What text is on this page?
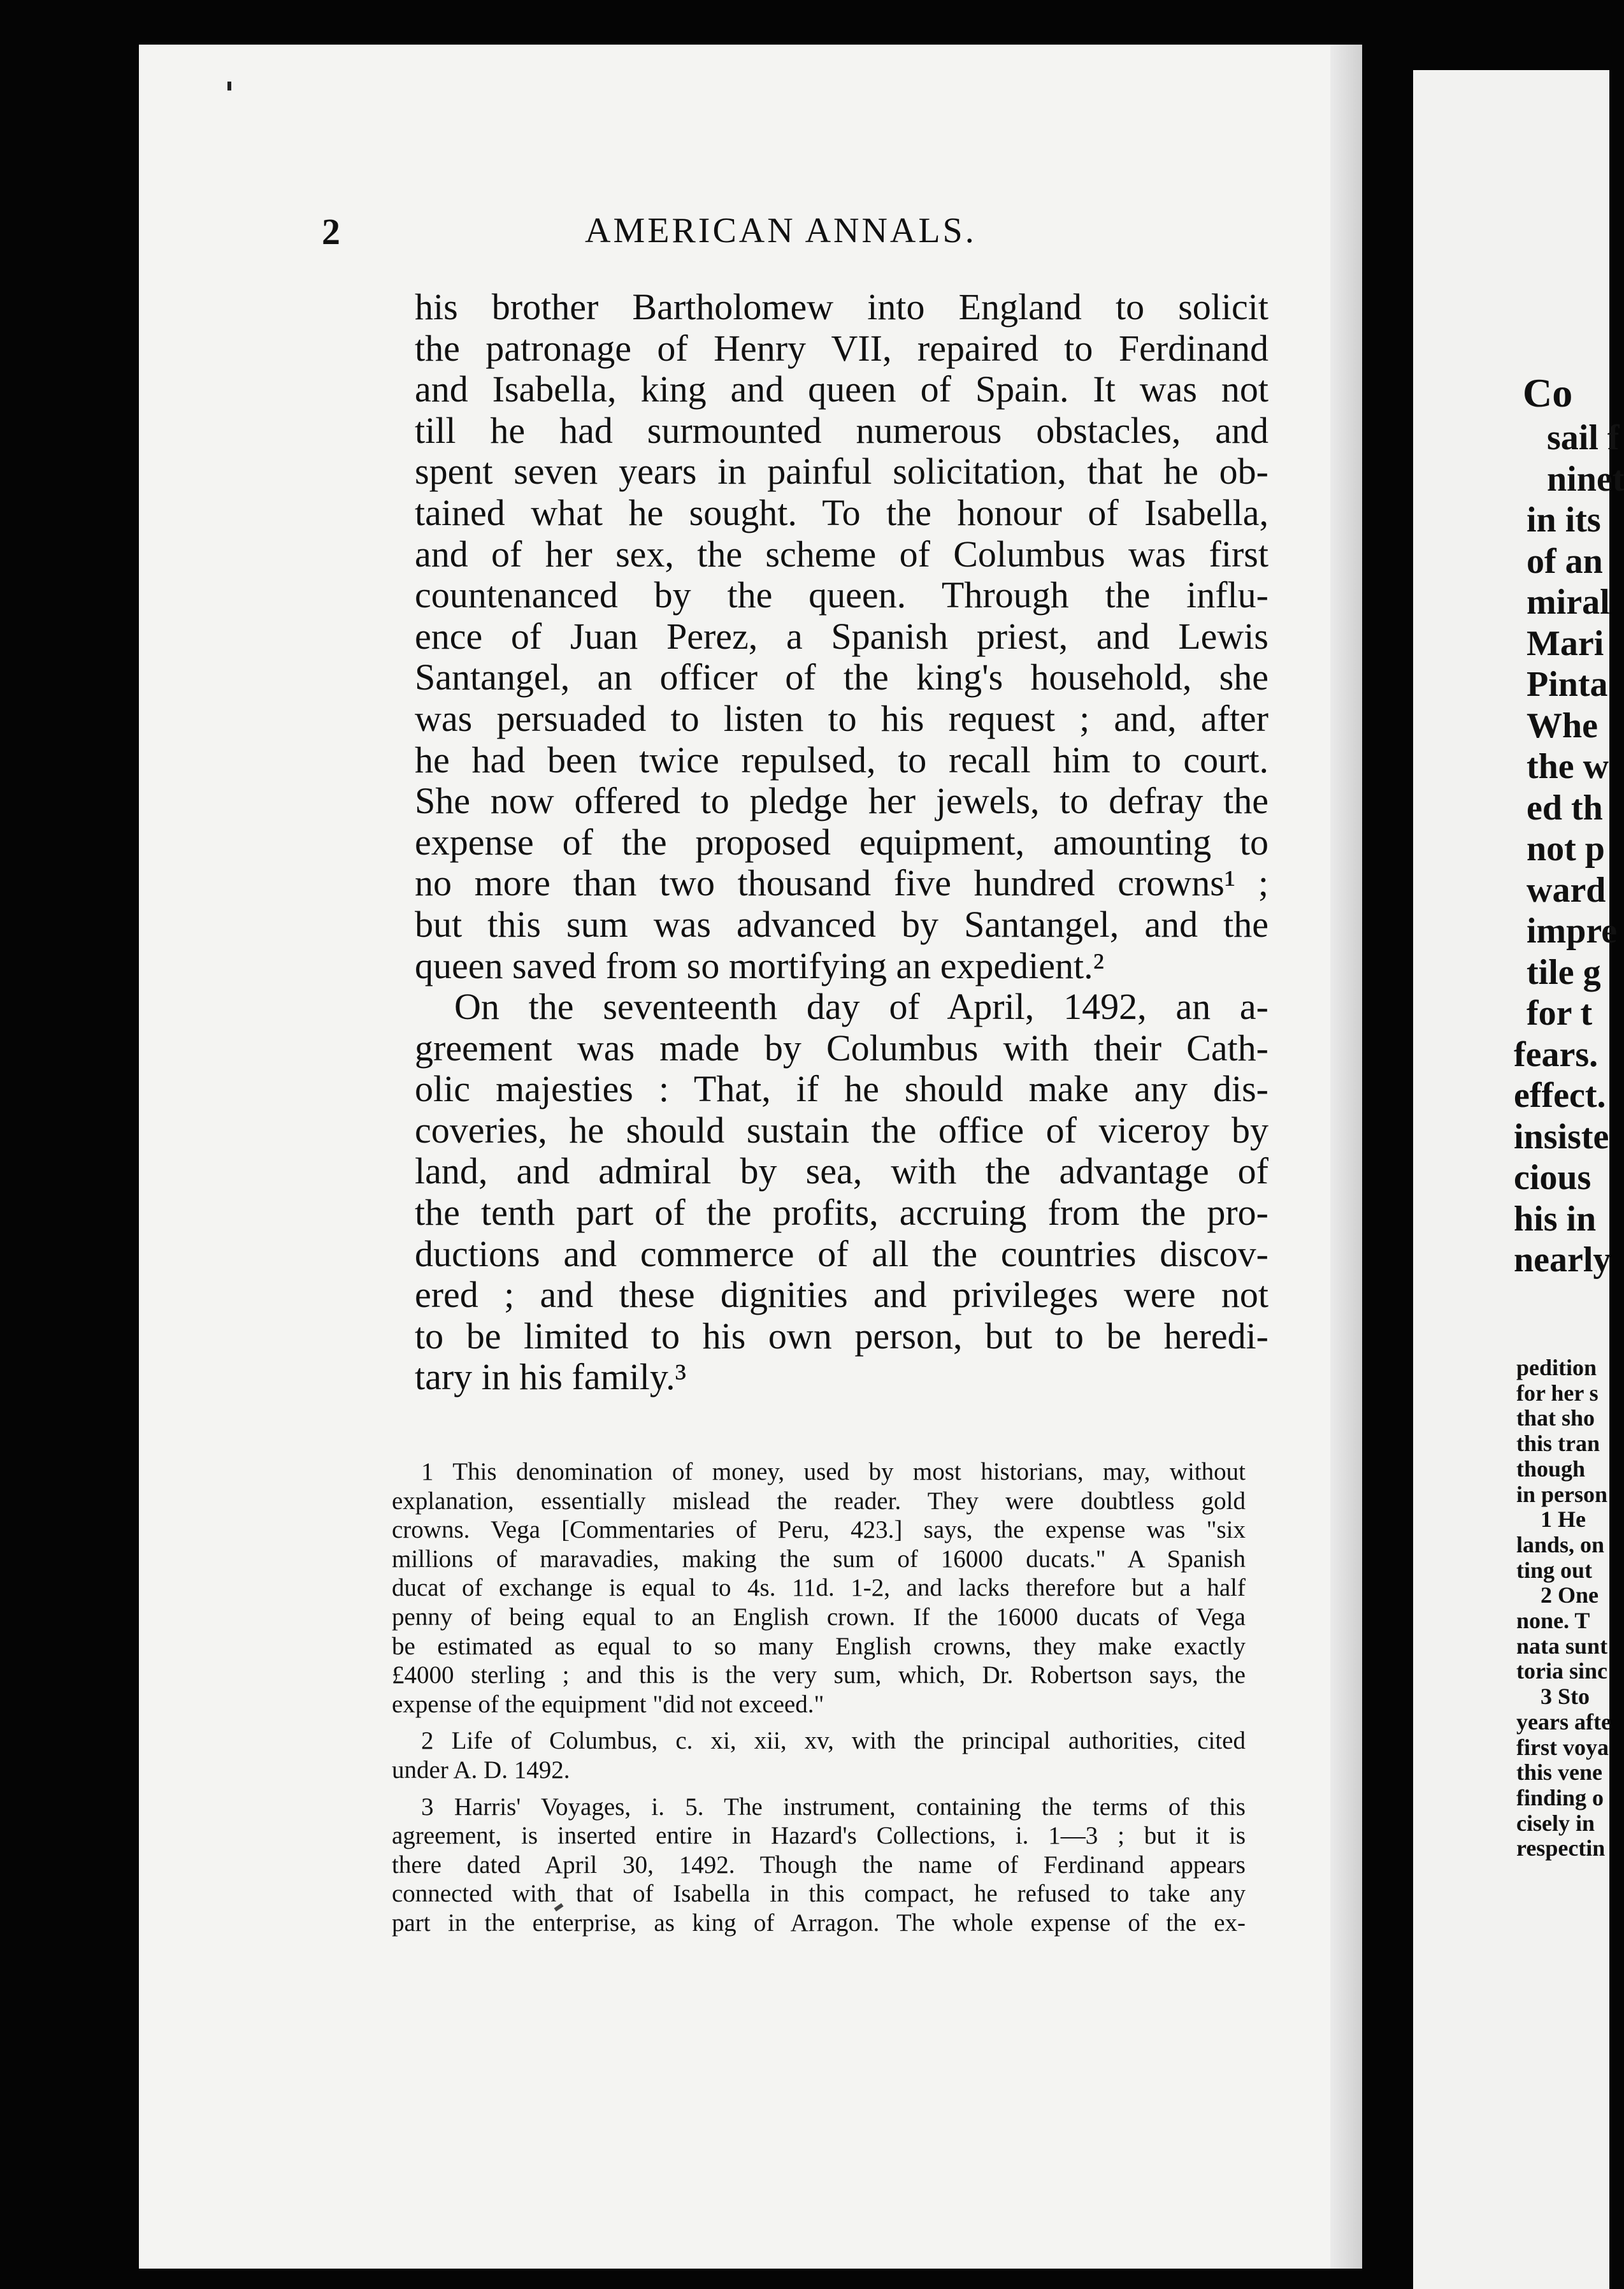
2	AMERICAN ANNALS.

his brother Bartholomew into England to solicit

the patronage of Henry VII, repaired to Ferdinand

and Isabella, king and queen of Spain. It was not

till he had surmounted numerous obstacles, and

spent seven years in painful solicitation, that he ob-

tained what he sought. To the honour of Isabella,

and of her sex, the scheme of Columbus was first

countenanced by the queen. Through the influ-

ence of Juan Perez, a Spanish priest, and Lewis

Santangel, an officer of the king's household, she

was persuaded to listen to his request ; and, after

he had been twice repulsed, to recall him to court.

She now offered to pledge her jewels, to defray the

expense of the proposed equipment, amounting to

no more than two thousand five hundred crowns¹ ;

but this sum was advanced by Santangel, and the

queen saved from so mortifying an expedient.²

On the seventeenth day of April, 1492, an a-

greement was made by Columbus with their Cath-

olic majesties : That, if he should make any dis-

coveries, he should sustain the office of viceroy by

land, and admiral by sea, with the advantage of

the tenth part of the profits, accruing from the pro-

ductions and commerce of all the countries discov-

ered ; and these dignities and privileges were not

to be limited to his own person, but to be heredi-

tary in his family.³

1 This denomination of money, used by most historians, may, without

explanation, essentially mislead the reader. They were doubtless gold

crowns. Vega [Commentaries of Peru, 423.] says, the expense was "six

millions of maravadies, making the sum of 16000 ducats." A Spanish

ducat of exchange is equal to 4s. 11d. 1-2, and lacks therefore but a half

penny of being equal to an English crown. If the 16000 ducats of Vega

be estimated as equal to so many English crowns, they make exactly

£4000 sterling ; and this is the very sum, which, Dr. Robertson says, the

expense of the equipment "did not exceed."

2 Life of Columbus, c. xi, xii, xv, with the principal authorities, cited

under A. D. 1492.

3 Harris' Voyages, i. 5. The instrument, containing the terms of this

agreement, is inserted entire in Hazard's Collections, i. 1—3 ; but it is

there dated April 30, 1492. Though the name of Ferdinand appears

connected with that of Isabella in this compact, he refused to take any

part in the enterprise, as king of Arragon. The whole expense of the ex-

Co
sail f
ninet
in its
of an
miral
Mari
Pinta
Whe
the w
ed th
not p
ward
impre
tile g
for t
fears.
effect.
insiste
cious
his in
nearly
pedition
for her s
that sho
this tran
though
in person
1 He
lands, on
ting out
2 One
none. T
nata sunt
toria sinc
3 Sto
years afte
first voya
this vene
finding o
cisely in
respectin
